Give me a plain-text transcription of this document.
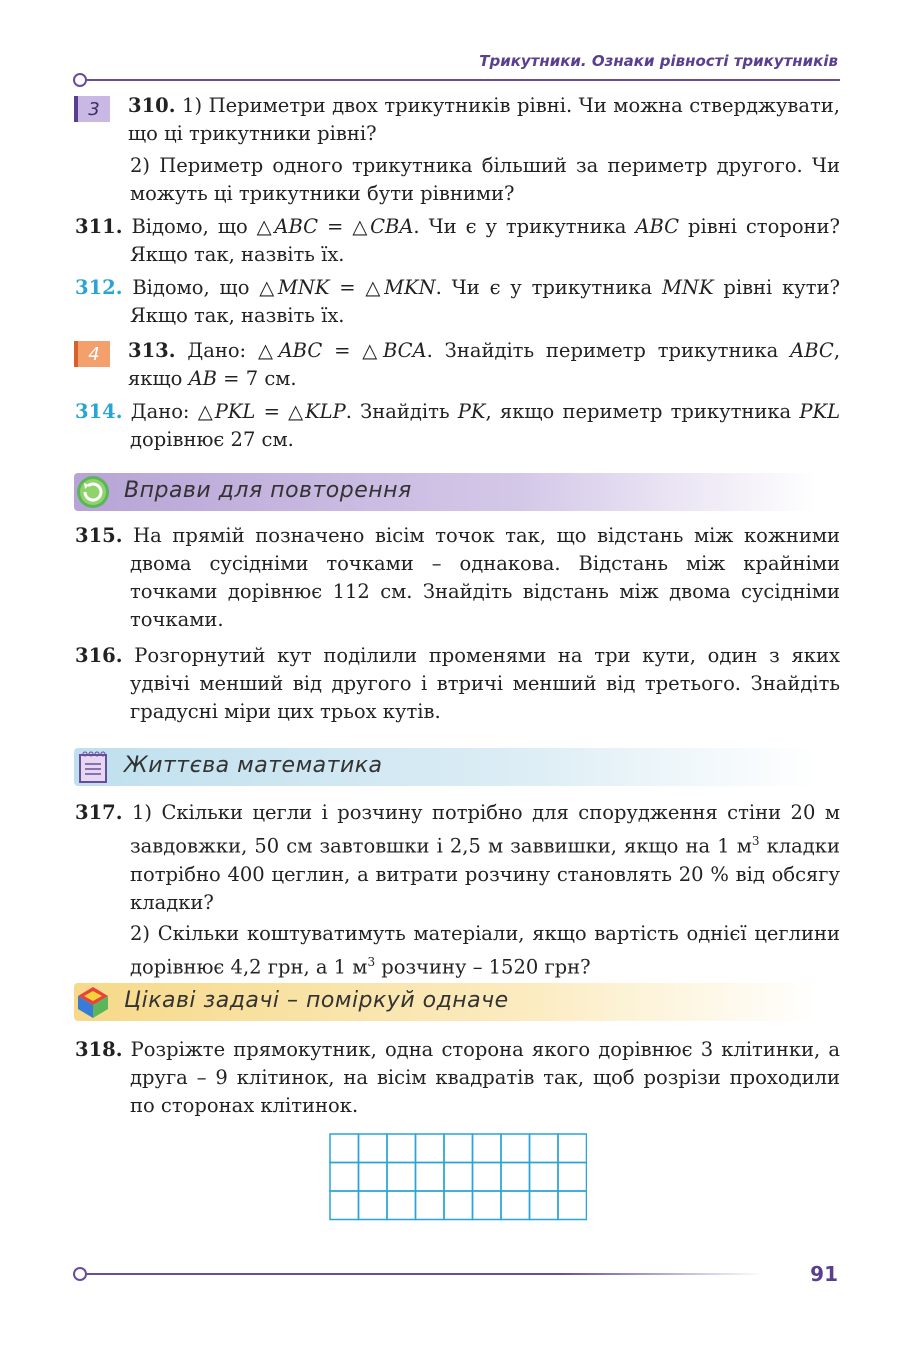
Трикутники. Ознаки рівності трикутників
3	310. 1) Периметри двох трикутників рівні. Чи можна стверджувати, що ці трикутники рівні?
2) Периметр одного трикутника більший за периметр другого. Чи можуть ці трикутники бути рівними?
311. Відомо, що △ABC = △CBA. Чи є у трикутника ABC рівні сторони? Якщо так, назвіть їх.
312. Відомо, що △MNK = △MKN. Чи є у трикутника MNK рівні кути? Якщо так, назвіть їх.
4	313. Дано: △ABC = △BCA. Знайдіть периметр трикутника ABC, якщо AB = 7 см.
314. Дано: △PKL = △KLP. Знайдіть PK, якщо периметр трикутника PKL дорівнює 27 см.
Вправи для повторення
315. На прямій позначено вісім точок так, що відстань між кожними двома сусідніми точками – однакова. Відстань між крайніми точками дорівнює 112 см. Знайдіть відстань між двома сусідніми точками.
316. Розгорнутий кут поділили променями на три кути, один з яких удвічі менший від другого і втричі менший від третього. Знайдіть градусні міри цих трьох кутів.
Життєва математика
317. 1) Скільки цегли і розчину потрібно для спорудження стіни 20 м завдовжки, 50 см завтовшки і 2,5 м заввишки, якщо на 1 $м^3$ кладки потрібно 400 цеглин, а витрати розчину становлять 20 % від обсягу кладки?
2) Скільки коштуватимуть матеріали, якщо вартість однієї цеглини дорівнює 4,2 грн, а 1 $м^3$ розчину – 1520 грн?
Цікаві задачі – поміркуй одначе
318. Розріжте прямокутник, одна сторона якого дорівнює 3 клітинки, а друга – 9 клітинок, на вісім квадратів так, щоб розрізи проходили по сторонах клітинок.
91
